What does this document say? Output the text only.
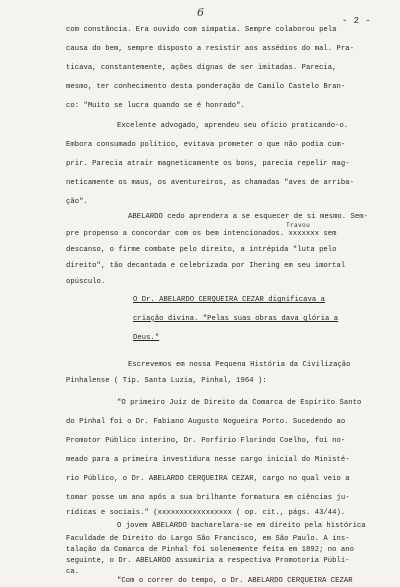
6
- 2 -
com constância. Era ouvido com simpatia. Sempre colaborou pela
causa do bem, sempre disposto a resistir aos assédios do mal. Pra-
ticava, constantemente, ações dignas de ser imitadas. Parecia,
mesmo, ter conhecimento desta ponderação de Camilo Castelo Bran-
co: "Muito se lucra quando se é honrado".
Excelente advogado, aprendeu seu ofício praticando-o.
Embora consumado político, evitava prometer o que não podia cum-
prir. Parecia atrair magneticamente os bons, parecia repelir mag-
neticamente os maus, os aventureiros, as chamadas "aves de arriba-
ção".
ABELARDO cedo aprendera a se esquecer de si mesmo. Sem-
Travou
pre propenso a concordar com os bem intencionados. xxxxxxx sem
descanso, o firme combate pelo direito, a intrépida "luta pelo
direito", tão decantada e celebrizada por Ihering em seu imortal
opúsculo.
O Dr. ABELARDO CERQUEIRA CEZAR dignificava a
criação divina. "Pelas suas obras dava glória a
Deus."
Escrevemos em nossa Pequena História da Civilização
Pinhalense ( Tip. Santa Luzia, Pinhal, 1964 ):
"O primeiro Juiz de Direito da Comarca de Espírito Santo
do Pinhal foi o Dr. Fabiano Augusto Nogueira Porto. Sucedendo ao
Promotor Público interino, Dr. Porfírio Florindo Coelho, foi no-
meado para a primeira investidura nesse cargo inicial do Ministé-
rio Público, o Dr. ABELARDO CERQUEIRA CEZAR, cargo no qual veio a
tomar posse um ano após a sua brilhante formatura em ciências ju-
rídicas e sociais." (xxxxxxxxxxxxxxxxx ( op. cit., págs. 43/44).
O jovem ABELARDO bacharelara-se em direito pela histórica
Faculdade de Direito do Largo São Francisco, em São Paulo. A ins-
talação da Comarca de Pinhal foi solenemente feita em 1892; no ano
seguinte, o Dr. ABELARDO assumiria a respectiva Promotoria Públi-
ca.
"Com o correr do tempo, o Dr. ABELARDO CERQUEIRA CEZAR
